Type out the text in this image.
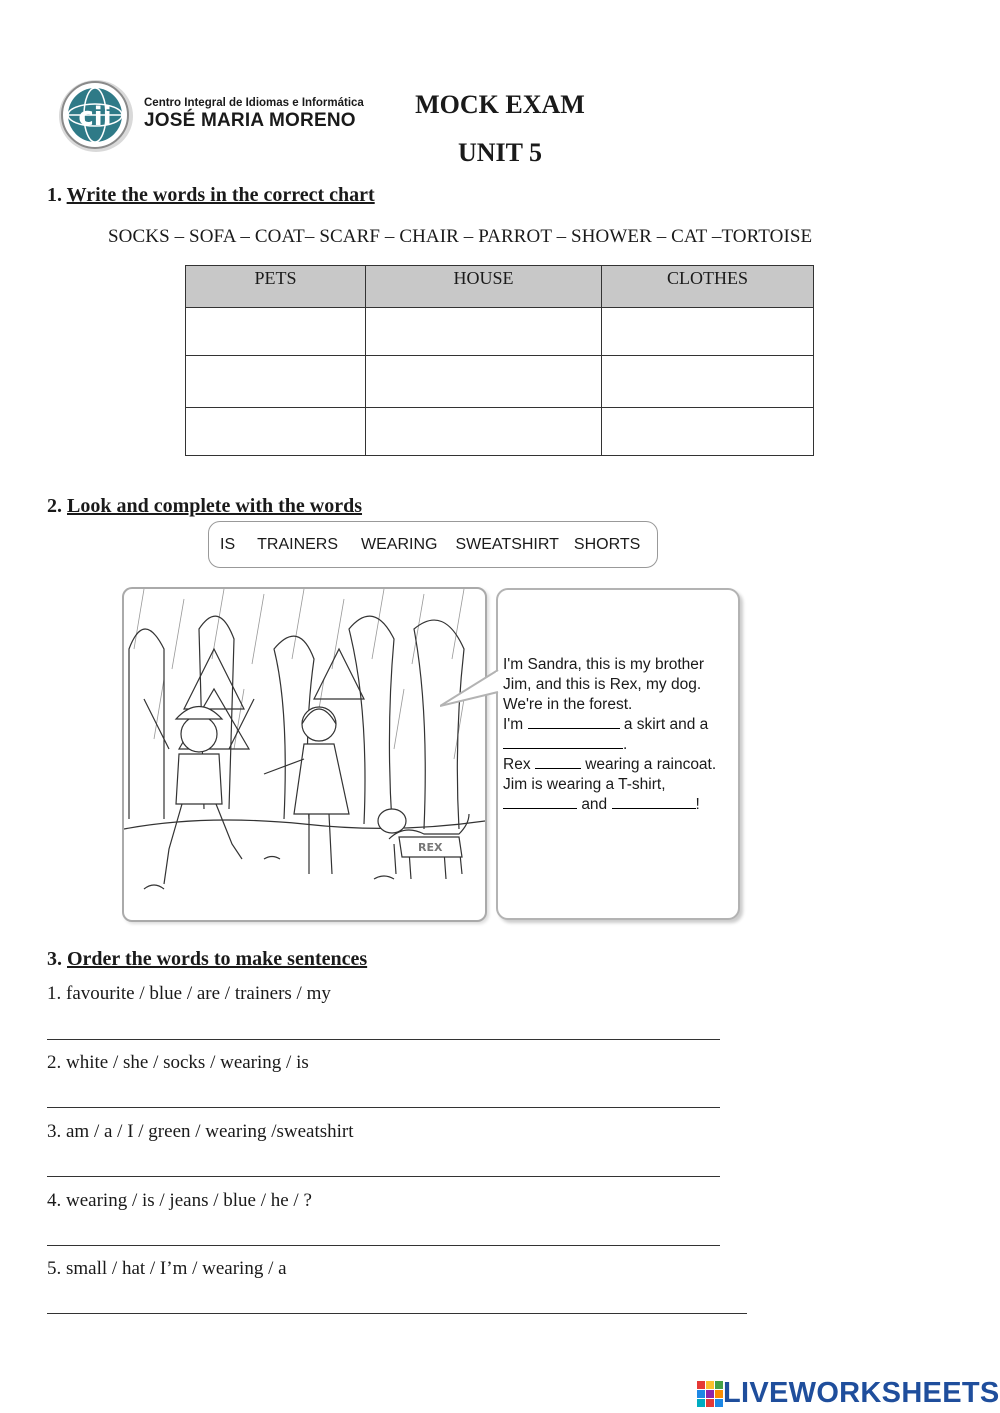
cii	Centro Integral de Idiomas e Informática
JOSÉ MARIA MORENO
MOCK EXAM
UNIT 5
1. Write the words in the correct chart
SOCKS – SOFA – COAT– SCARF – CHAIR – PARROT – SHOWER – CAT –TORTOISE
PETS	HOUSE	CLOTHES

2. Look and complete with the words
IS TRAINERS WEARING SWEATSHIRT SHORTS
REX
I'm Sandra, this is my brother
Jim, and this is Rex, my dog.
We're in the forest.
I'm	a skirt and a
.
Rex	wearing a raincoat.
Jim is wearing a T-shirt,
and	!
3. Order the words to make sentences
1. favourite / blue / are / trainers / my
2. white / she / socks / wearing / is
3. am / a / I / green / wearing /sweatshirt
4. wearing / is / jeans / blue / he / ?
5. small / hat / I’m / wearing / a
LIVEWORKSHEETS
